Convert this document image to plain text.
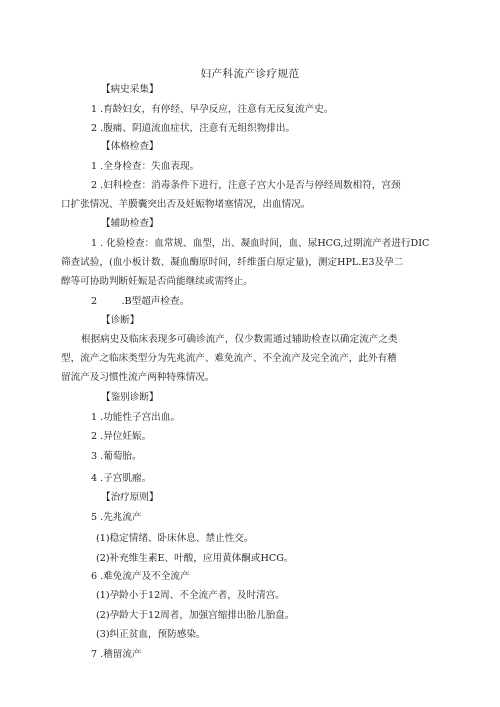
妇产科流产诊疗规范
【病史采集】
1 .育龄妇女，有停经、早孕反应，注意有无反复流产史。
2 .腹痛、阴道流血症状，注意有无组织物排出。
【体格检查】
1 .全身检查：失血表现。
2 .妇科检查：消毒条件下进行，注意子宫大小是否与停经周数相符，宫颈
口扩张情况、羊膜囊突出否及妊娠物堵塞情况，出血情况。
【辅助检查】
1 . 化验检查：血常规、血型，出、凝血时间，血、尿HCG,过期流产者进行DIC
筛查试验，(血小板计数、凝血酶原时间，纤维蛋白原定量)，测定HPL.E3及孕二
醇等可协助判断妊娠是否尚能继续或需终止。
2        .B型超声检查。
【诊断】
根据病史及临床表现多可确诊流产，仅少数需通过辅助检查以确定流产之类
型，流产之临床类型分为先兆流产、难免流产、不全流产及完全流产，此外有稽
留流产及习惯性流产两种特殊情况。
【鉴别诊断】
1 .功能性子宫出血。
2 .异位妊娠。
3 .葡萄胎。
4 .子宫肌瘤。
【治疗原则】
5 .先兆流产
(1)稳定情绪、卧床休息、禁止性交。
(2)补充维生素E、叶酸，应用黄体酮或HCG。
6 .难免流产及不全流产
(1)孕龄小于12周、不全流产者，及时清宫。
(2)孕龄大于12周者，加强宫缩排出胎儿胎盘。
(3)纠正贫血，预防感染。
7 .稽留流产
